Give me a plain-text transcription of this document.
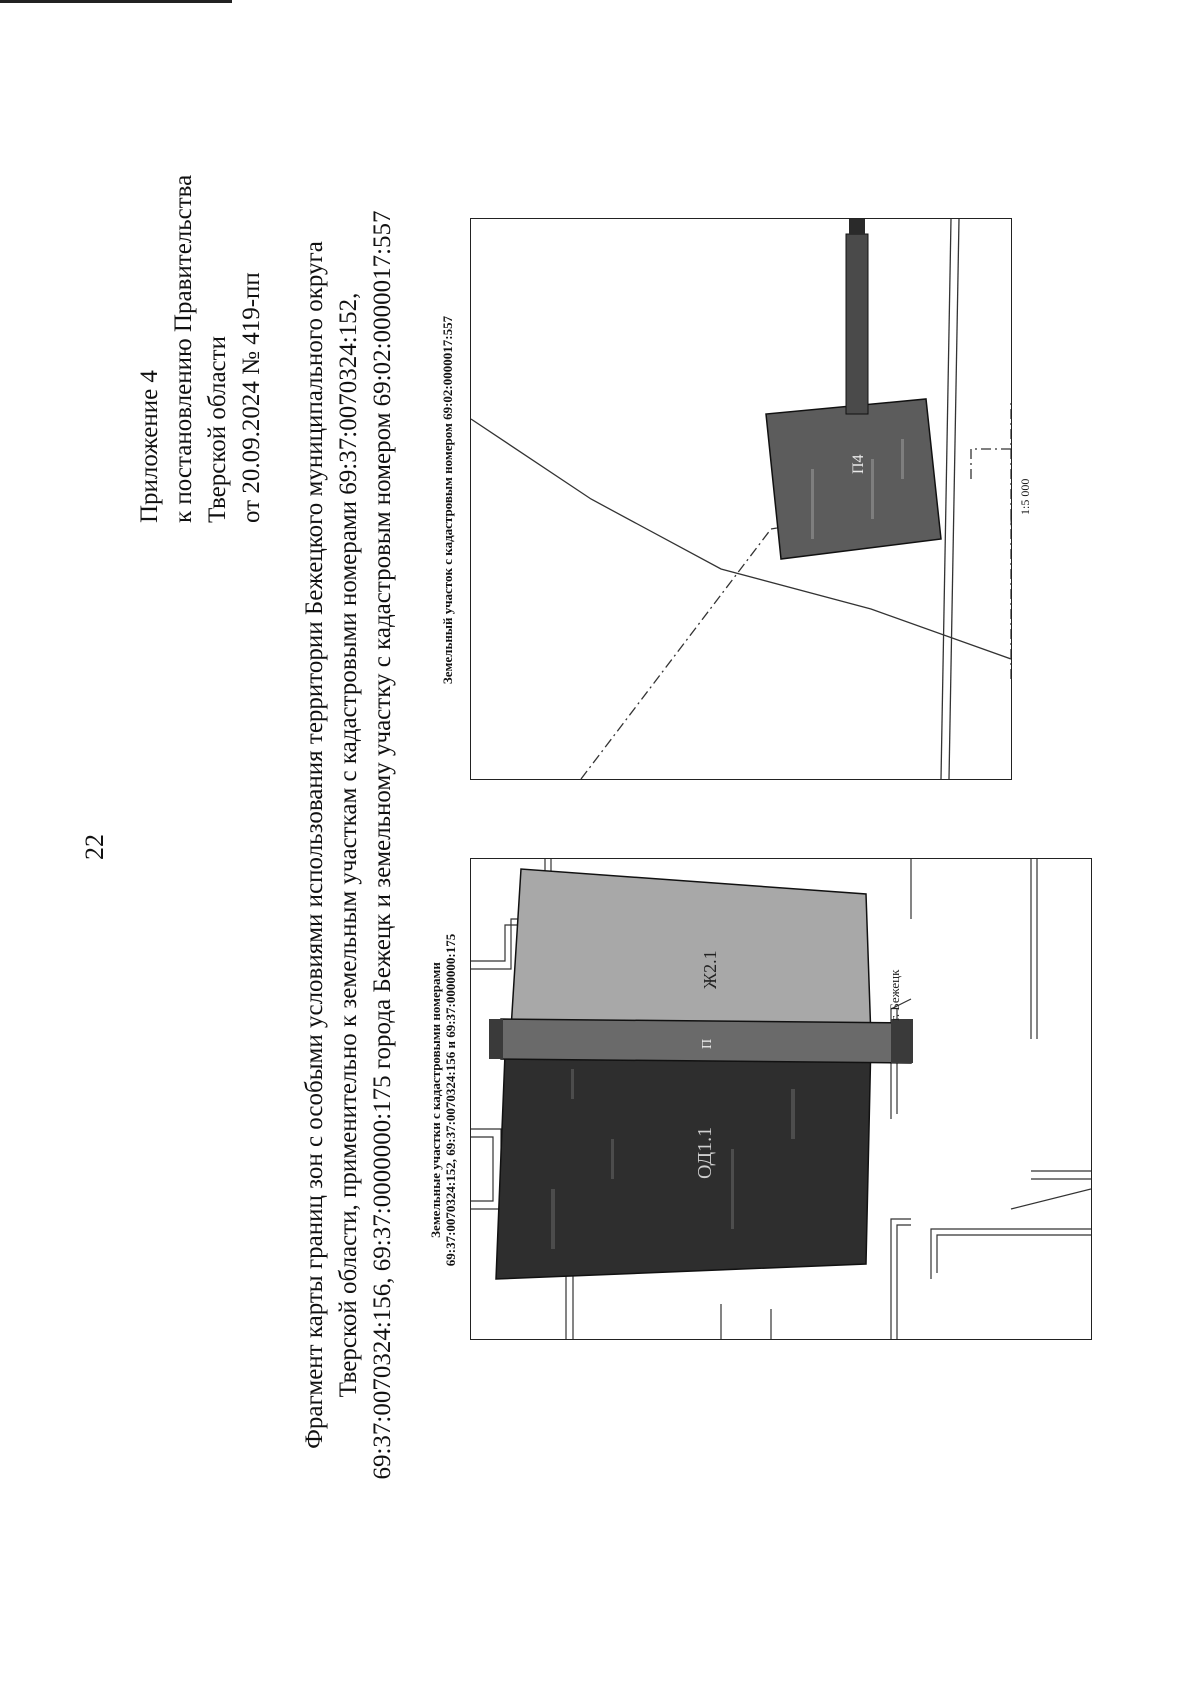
22
Приложение 4 к постановлению Правительства Тверской области от 20.09.2024 № 419-пп Фрагмент карты границ зон с особыми условиями использования территории Бежецкого муниципального округа Тверской области, применительно к земельным участкам с кадастровыми номерами 69:37:0070324:152, 69:37:0070324:156, 69:37:0000000:175 города Бежецк и земельному участку с кадастровым номером 69:02:0000017:557	Земельные участки с кадастровыми номерами 69:37:0070324:152, 69:37:0070324:156 и 69:37:0000000:175	ОД1.1
Ж2.1
П
г. Бежецк
Земельный участок с кадастровым номером 69:02:0000017:557	П4
1:5 000
